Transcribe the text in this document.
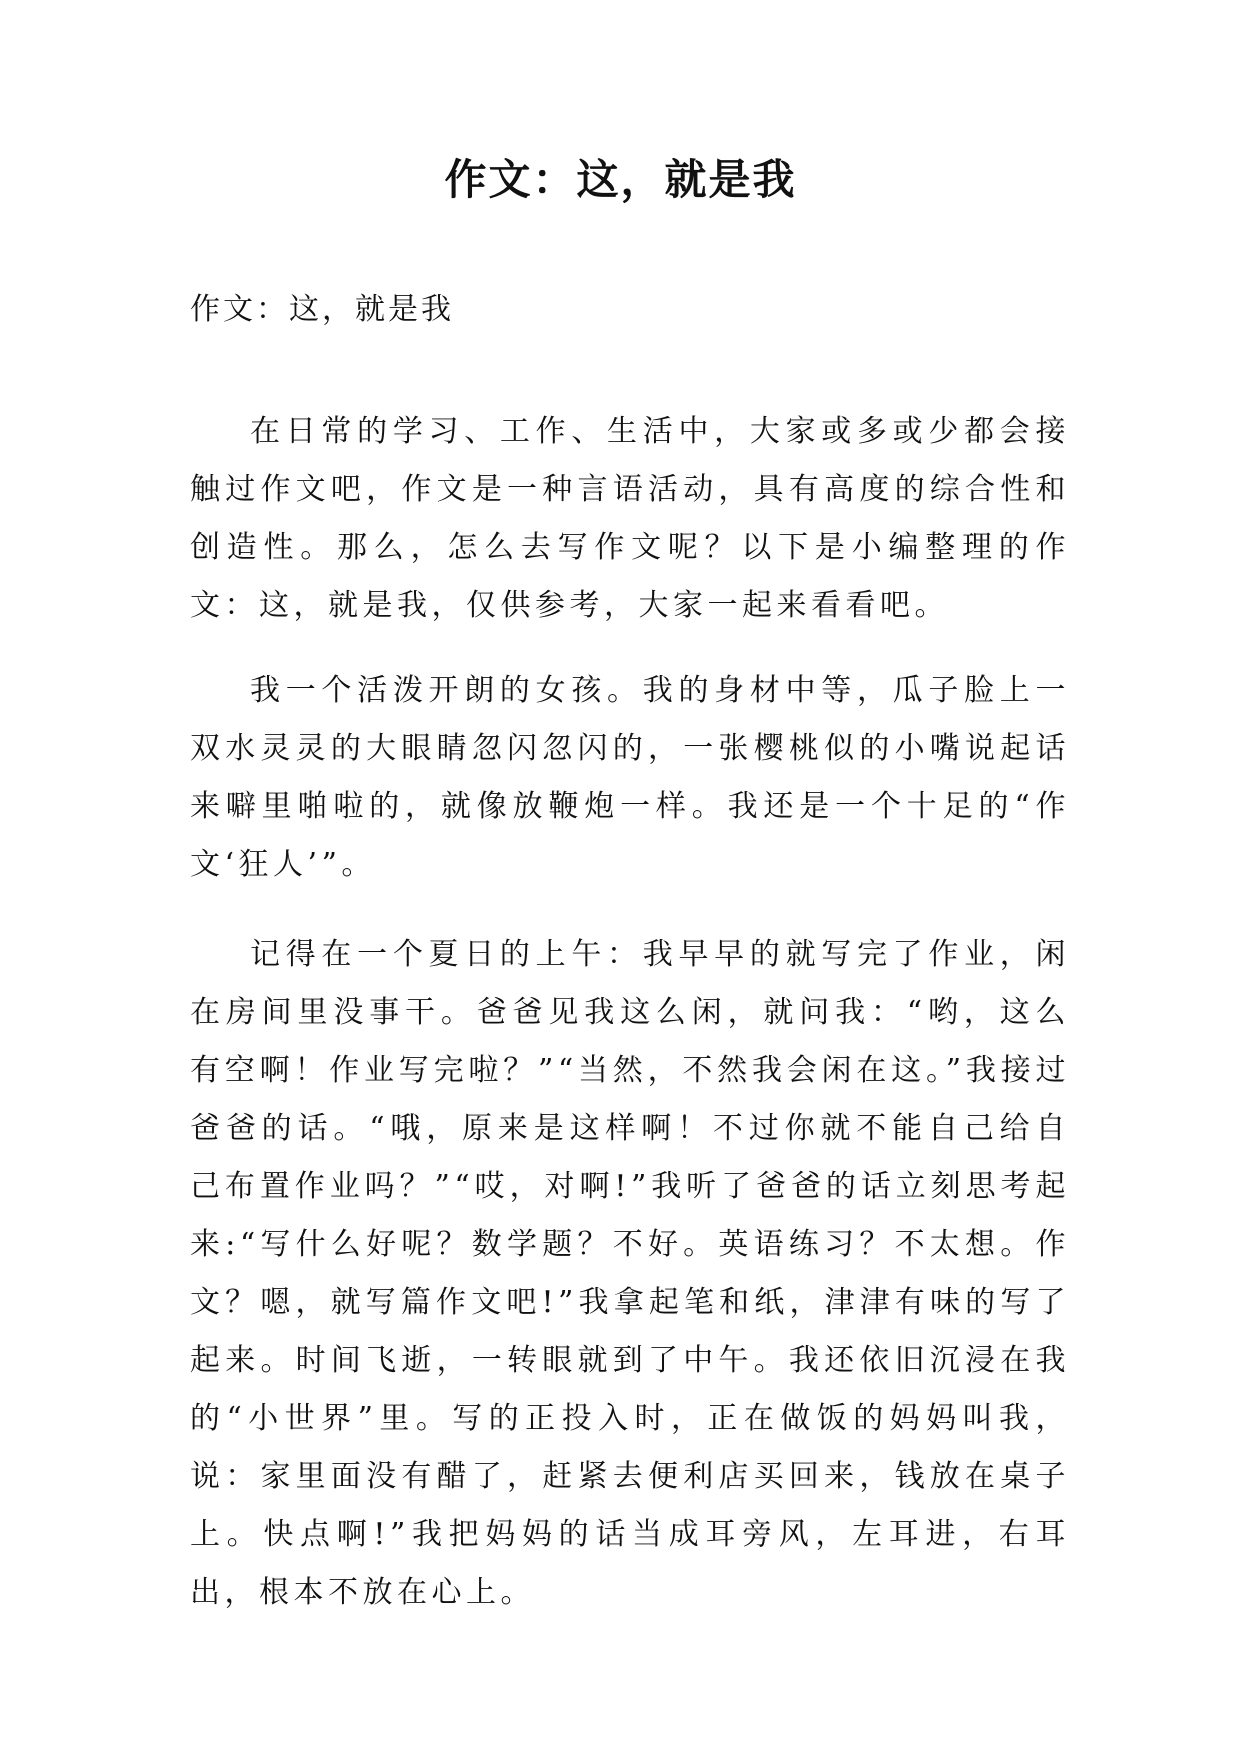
作文：这，就是我

作文：这，就是我

在日常的学习、工作、生活中，大家或多或少都会接触过作文吧，作文是一种言语活动，具有高度的综合性和创造性。那么，怎么去写作文呢？以下是小编整理的作文：这，就是我，仅供参考，大家一起来看看吧。

我一个活泼开朗的女孩。我的身材中等，瓜子脸上一双水灵灵的大眼睛忽闪忽闪的，一张樱桃似的小嘴说起话来噼里啪啦的，就像放鞭炮一样。我还是一个十足的“作文‘狂人’”。

记得在一个夏日的上午：我早早的就写完了作业，闲在房间里没事干。爸爸见我这么闲，就问我：“哟，这么有空啊！作业写完啦？”“当然，不然我会闲在这。”我接过爸爸的话。“哦，原来是这样啊！不过你就不能自己给自己布置作业吗？”“哎，对啊!”我听了爸爸的话立刻思考起来:“写什么好呢？数学题？不好。英语练习？不太想。作文？嗯，就写篇作文吧!”我拿起笔和纸，津津有味的写了起来。时间飞逝，一转眼就到了中午。我还依旧沉浸在我的“小世界”里。写的正投入时，正在做饭的妈妈叫我，说：家里面没有醋了，赶紧去便利店买回来，钱放在桌子上。快点啊!”我把妈妈的话当成耳旁风，左耳进，右耳出，根本不放在心上。
